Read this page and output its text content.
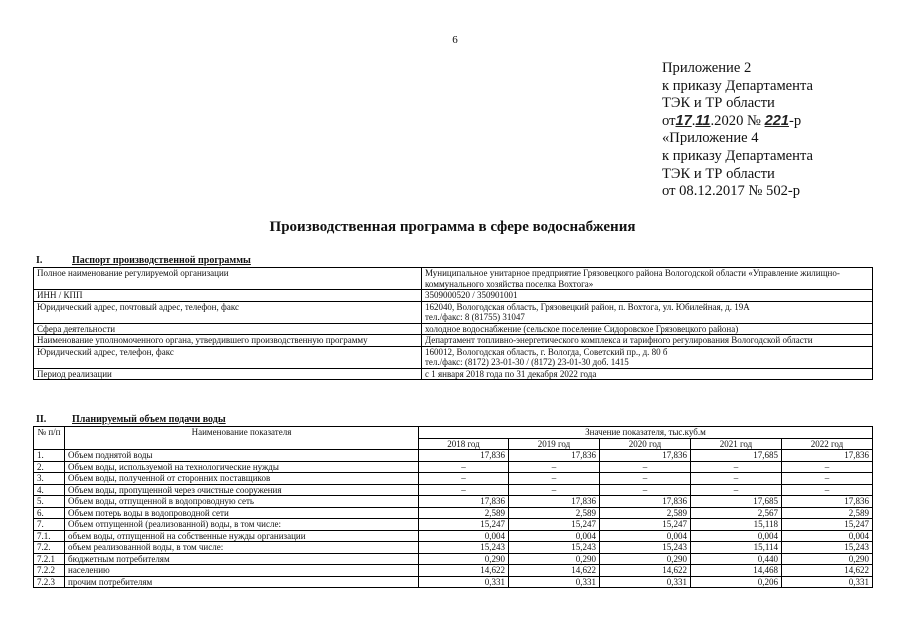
6
Приложение 2
к приказу Департамента
ТЭК и ТР области
от17.11.2020 № 221-р
«Приложение 4
к приказу Департамента
ТЭК и ТР области
от 08.12.2017 № 502-р
Производственная программа в сфере водоснабжения
I.	Паспорт производственной программы
Полное наименование регулируемой организации	Муниципальное унитарное предприятие Грязовецкого района Вологодской области «Управление жилищно-коммунального хозяйства поселка Вохтога»

ИНН / КПП	3509000520 / 350901001

Юридический адрес, почтовый адрес, телефон, факс	162040, Вологодская область, Грязовецкий район, п. Вохтога, ул. Юбилейная, д. 19А
тел./факс: 8 (81755) 31047

Сфера деятельности	холодное водоснабжение (сельское поселение Сидоровское Грязовецкого района)

Наименование уполномоченного органа, утвердившего производственную программу	Департамент топливно-энергетического комплекса и тарифного регулирования Вологодской области

Юридический адрес, телефон, факс	160012, Вологодская область, г. Вологда, Советский пр., д. 80 б
тел./факс: (8172) 23-01-30 / (8172) 23-01-30 доб. 1415

Период реализации	с 1 января 2018 года по 31 декабря 2022 года
II.	Планируемый объем подачи воды
№ п/п	Наименование показателя	Значение показателя, тыс.куб.м				
		2018 год	2019 год	2020 год	2021 год	2022 год
1.	Объем поднятой воды	17,836	17,836	17,836	17,685	17,836
2.	Объем воды, используемой на технологические нужды	–	–	–	–	–
3.	Объем воды, полученной от сторонних поставщиков	–	–	–	–	–
4.	Объем воды, пропущенной через очистные сооружения	–	–	–	–	–
5.	Объем воды, отпущенной в водопроводную сеть	17,836	17,836	17,836	17,685	17,836
6.	Объем потерь воды в водопроводной сети	2,589	2,589	2,589	2,567	2,589
7.	Объем отпущенной (реализованной) воды, в том числе:	15,247	15,247	15,247	15,118	15,247
7.1.	объем воды, отпущенной на собственные нужды организации	0,004	0,004	0,004	0,004	0,004
7.2.	объем реализованной воды, в том числе:	15,243	15,243	15,243	15,114	15,243
7.2.1	бюджетным потребителям	0,290	0,290	0,290	0,440	0,290
7.2.2	населению	14,622	14,622	14,622	14,468	14,622
7.2.3	прочим потребителям	0,331	0,331	0,331	0,206	0,331
